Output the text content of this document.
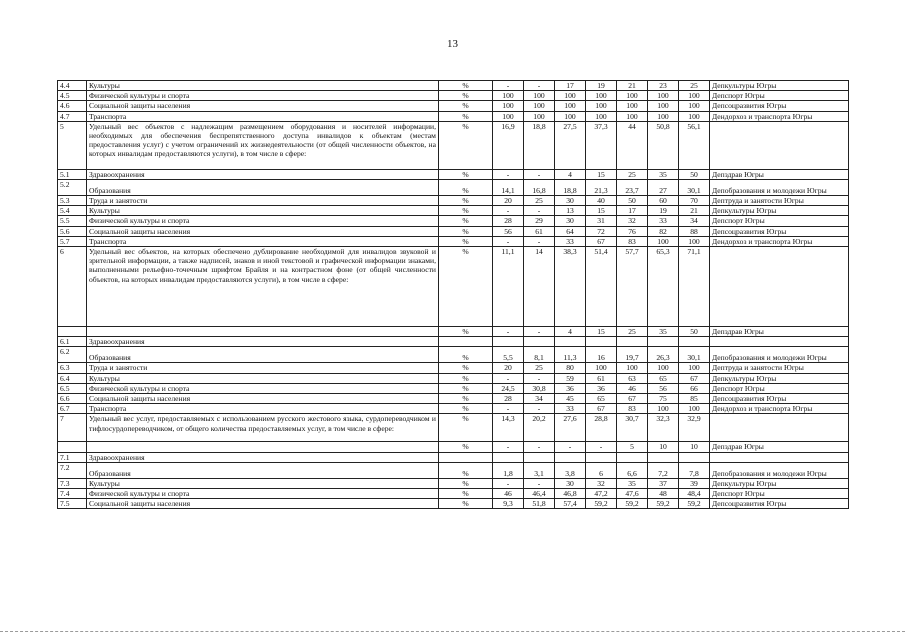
13
4.4	Культуры	%	-	-	17	19	21	23	25	Депкультуры Югры
4.5	Физической культуры и спорта	%	100	100	100	100	100	100	100	Депспорт Югры
4.6	Социальной защиты населения	%	100	100	100	100	100	100	100	Депсоцразвития Югры
4.7	Транспорта	%	100	100	100	100	100	100	100	Дендорхоз и транспорта Югры
5	Удельный вес объектов с надлежащим размещением оборудования и носителей информации, необходимых для обеспечения беспрепятственного доступа инвалидов к объектам (местам предоставления услуг) с учетом ограничений их жизнедеятельности (от общей численности объектов, на которых инвалидам предоставляются услуги), в том числе в сфере:	%	16,9	18,8	27,5	37,3	44	50,8	56,1	
5.1	Здравоохранения	%	-	-	4	15	25	35	50	Депздрав Югры
5.2	Образования	%	14,1	16,8	18,8	21,3	23,7	27	30,1	Депобразования и молодежи Югры
5.3	Труда и занятости	%	20	25	30	40	50	60	70	Дептруда и занятости Югры
5.4	Культуры	%	-	-	13	15	17	19	21	Депкультуры Югры
5.5	Физической культуры и спорта	%	28	29	30	31	32	33	34	Депспорт Югры
5.6	Социальной защиты населения	%	56	61	64	72	76	82	88	Депсоцразвития Югры
5.7	Транспорта	%	-	-	33	67	83	100	100	Дендорхоз и транспорта Югры
6	Удельный вес объектов, на которых обеспечено дублирование необходимой для инвалидов звуковой и зрительной информации, а также надписей, знаков и иной текстовой и графической информации знаками, выполненными рельефно-точечным шрифтом Брайля и на контрастном фоне (от общей численности объектов, на которых инвалидам предоставляются услуги), в том числе в сфере:	%	11,1	14	38,3	51,4	57,7	65,3	71,1	
		%	-	-	4	15	25	35	50	Депздрав Югры
6.1	Здравоохранения									
6.2	Образования	%	5,5	8,1	11,3	16	19,7	26,3	30,1	Депобразования и молодежи Югры
6.3	Труда и занятости	%	20	25	80	100	100	100	100	Дептруда и занятости Югры
6.4	Культуры	%	-	-	59	61	63	65	67	Депкультуры Югры
6.5	Физической культуры и спорта	%	24,5	30,8	36	36	46	56	66	Депспорт Югры
6.6	Социальной защиты населения	%	28	34	45	65	67	75	85	Депсоцразвития Югры
6.7	Транспорта	%	-	-	33	67	83	100	100	Дендорхоз и транспорта Югры
7	Удельный вес услуг, предоставляемых с использованием русского жестового языка, сурдопереводчиком и тифлосурдопереводчиком, от общего количества предоставляемых услуг, в том числе в сфере:	%	14,3	20,2	27,6	28,8	30,7	32,3	32,9	
		%	-	-	-	-	5	10	10	Депздрав Югры
7.1	Здравоохранения									
7.2	Образования	%	1,8	3,1	3,8	6	6,6	7,2	7,8	Депобразования и молодежи Югры
7.3	Культуры	%	-	-	30	32	35	37	39	Депкультуры Югры
7.4	Физической культуры и спорта	%	46	46,4	46,8	47,2	47,6	48	48,4	Депспорт Югры
7.5	Социальной защиты населения	%	9,3	51,8	57,4	59,2	59,2	59,2	59,2	Депсоцразвития Югры
